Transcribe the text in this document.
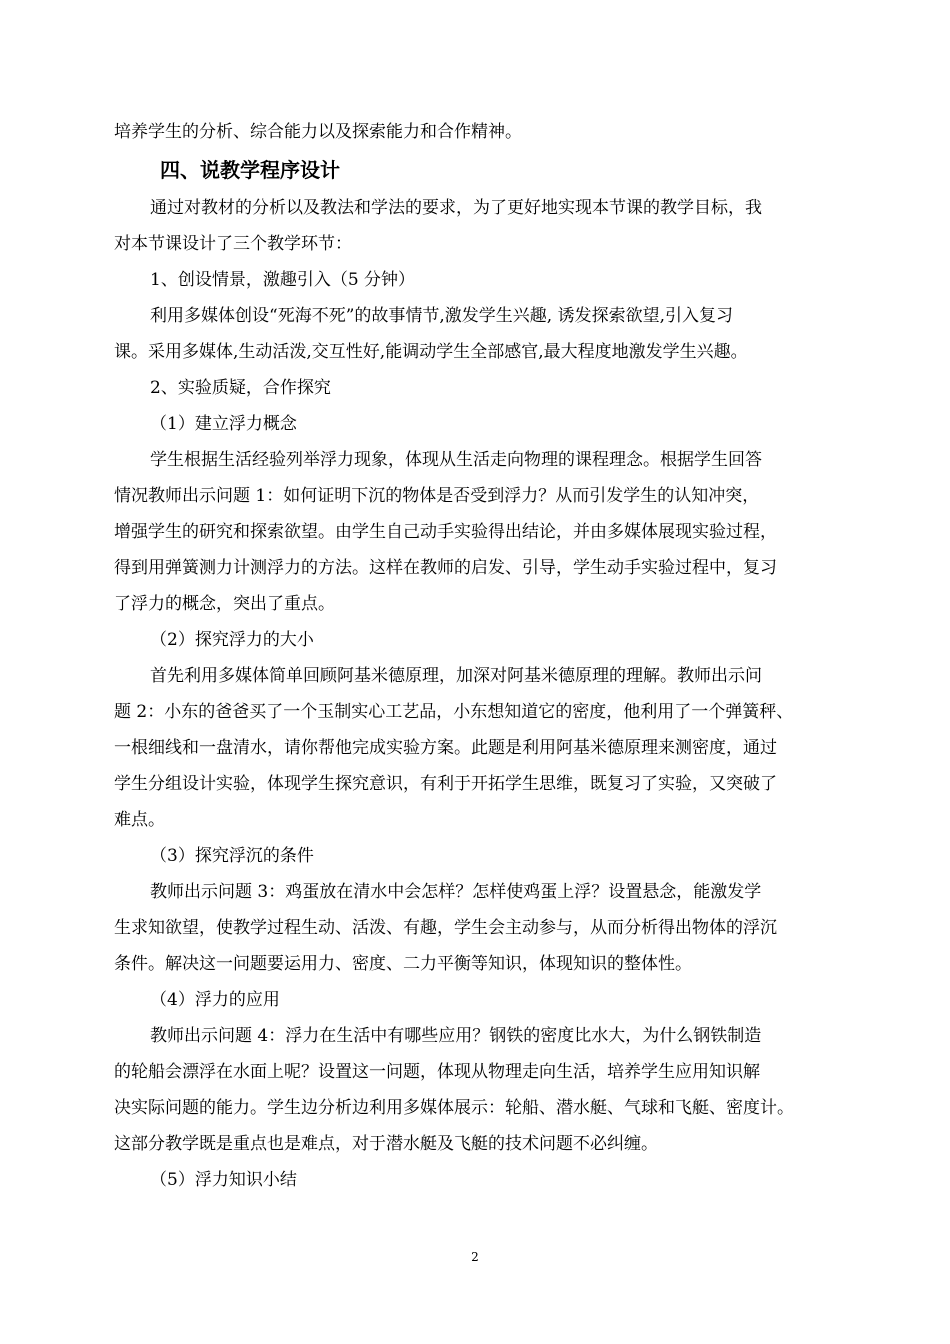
培养学生的分析、综合能力以及探索能力和合作精神。
四、说教学程序设计
通过对教材的分析以及教法和学法的要求，为了更好地实现本节课的教学目标，我
对本节课设计了三个教学环节：
1、创设情景，激趣引入（5 分钟）
利用多媒体创设“死海不死”的故事情节,激发学生兴趣, 诱发探索欲望,引入复习
课。采用多媒体,生动活泼,交互性好,能调动学生全部感官,最大程度地激发学生兴趣。
2、实验质疑，合作探究
（1）建立浮力概念
学生根据生活经验列举浮力现象，体现从生活走向物理的课程理念。根据学生回答
情况教师出示问题 1：如何证明下沉的物体是否受到浮力？从而引发学生的认知冲突，
增强学生的研究和探索欲望。由学生自己动手实验得出结论，并由多媒体展现实验过程，
得到用弹簧测力计测浮力的方法。这样在教师的启发、引导，学生动手实验过程中，复习
了浮力的概念，突出了重点。
（2）探究浮力的大小
首先利用多媒体简单回顾阿基米德原理，加深对阿基米德原理的理解。教师出示问
题 2：小东的爸爸买了一个玉制实心工艺品，小东想知道它的密度，他利用了一个弹簧秤、
一根细线和一盘清水，请你帮他完成实验方案。此题是利用阿基米德原理来测密度，通过
学生分组设计实验，体现学生探究意识，有利于开拓学生思维，既复习了实验，又突破了
难点。
（3）探究浮沉的条件
教师出示问题 3：鸡蛋放在清水中会怎样？怎样使鸡蛋上浮？设置悬念，能激发学
生求知欲望，使教学过程生动、活泼、有趣，学生会主动参与，从而分析得出物体的浮沉
条件。解决这一问题要运用力、密度、二力平衡等知识，体现知识的整体性。
（4）浮力的应用
教师出示问题 4：浮力在生活中有哪些应用？钢铁的密度比水大，为什么钢铁制造
的轮船会漂浮在水面上呢？设置这一问题，体现从物理走向生活，培养学生应用知识解
决实际问题的能力。学生边分析边利用多媒体展示：轮船、潜水艇、气球和飞艇、密度计。
这部分教学既是重点也是难点，对于潜水艇及飞艇的技术问题不必纠缠。
（5）浮力知识小结
2
